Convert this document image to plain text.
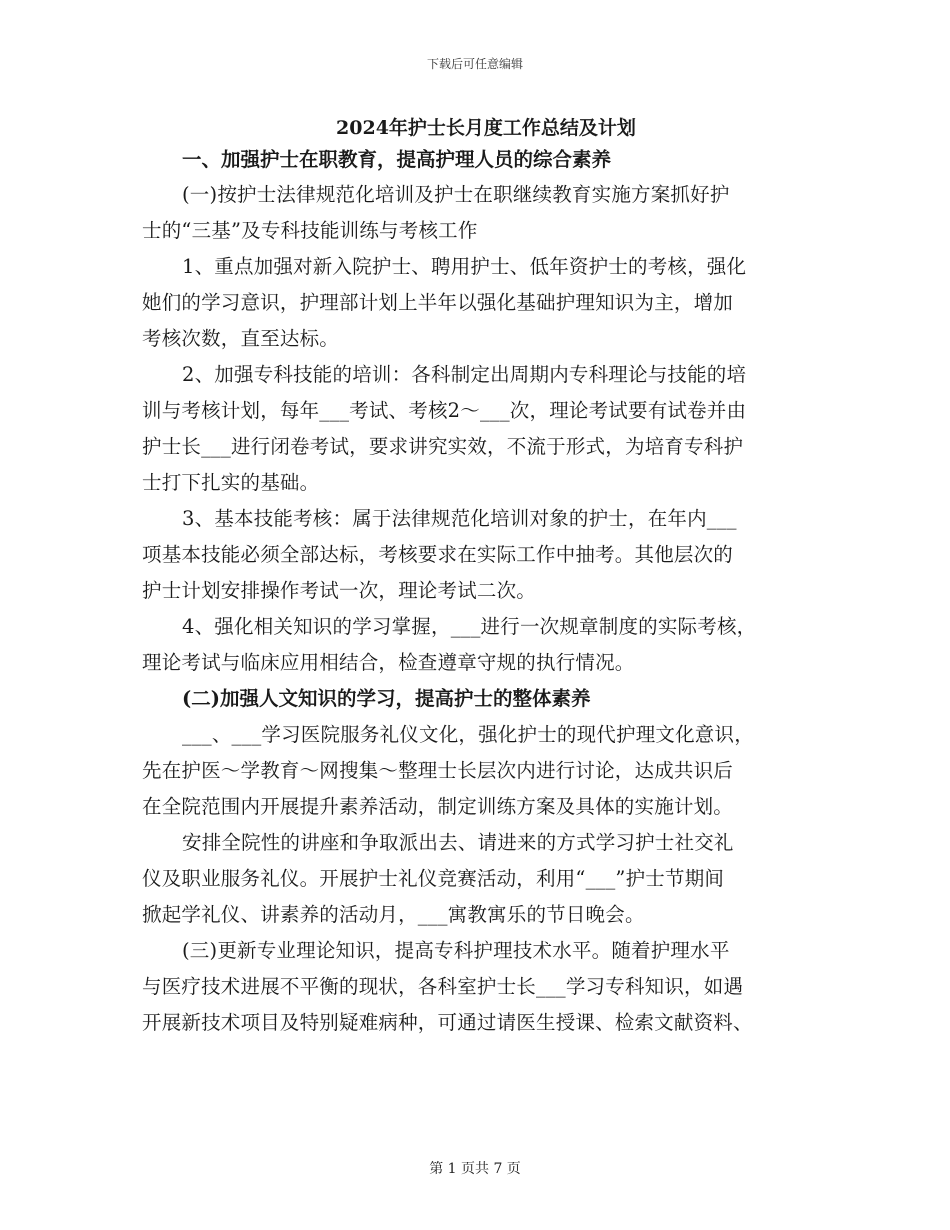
下载后可任意编辑
2024年护士长月度工作总结及计划
一、加强护士在职教育，提高护理人员的综合素养
(一)按护士法律规范化培训及护士在职继续教育实施方案抓好护
士的“三基”及专科技能训练与考核工作
1、重点加强对新入院护士、聘用护士、低年资护士的考核，强化
她们的学习意识，护理部计划上半年以强化基础护理知识为主，增加
考核次数，直至达标。
2、加强专科技能的培训：各科制定出周期内专科理论与技能的培
训与考核计划，每年___考试、考核2～___次，理论考试要有试卷并由
护士长___进行闭卷考试，要求讲究实效，不流于形式，为培育专科护
士打下扎实的基础。
3、基本技能考核：属于法律规范化培训对象的护士，在年内___
项基本技能必须全部达标，考核要求在实际工作中抽考。其他层次的
护士计划安排操作考试一次，理论考试二次。
4、强化相关知识的学习掌握，___进行一次规章制度的实际考核，
理论考试与临床应用相结合，检查遵章守规的执行情况。
(二)加强人文知识的学习，提高护士的整体素养
___、___学习医院服务礼仪文化，强化护士的现代护理文化意识，
先在护医～学教育～网搜集～整理士长层次内进行讨论，达成共识后
在全院范围内开展提升素养活动，制定训练方案及具体的实施计划。
安排全院性的讲座和争取派出去、请进来的方式学习护士社交礼
仪及职业服务礼仪。开展护士礼仪竞赛活动，利用“___”护士节期间
掀起学礼仪、讲素养的活动月，___寓教寓乐的节日晚会。
(三)更新专业理论知识，提高专科护理技术水平。随着护理水平
与医疗技术进展不平衡的现状，各科室护士长___学习专科知识，如遇
开展新技术项目及特别疑难病种，可通过请医生授课、检索文献资料、
第 1 页共 7 页
